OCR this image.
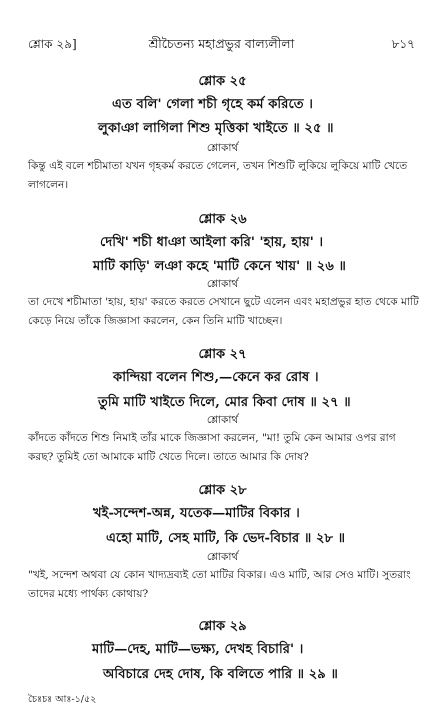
শ্লোক ২৯]	শ্রীচৈতন্য মহাপ্রভুর বাল্যলীলা	৮১৭
শ্লোক ২৫
এত বলি' গেলা শচী গৃহে কর্ম করিতে ।
লুকাঞা লাগিলা শিশু মৃত্তিকা খাইতে ॥ ২৫ ॥
শ্লোকার্থ
কিন্তু এই বলে শচীমাতা যখন গৃহকর্ম করতে গেলেন, তখন শিশুটি লুকিয়ে লুকিয়ে মাটি খেতে লাগলেন।
শ্লোক ২৬
দেখি' শচী ধাঞা আইলা করি' 'হায়, হায়' ।
মাটি কাড়ি' লঞা কহে 'মাটি কেনে খায়' ॥ ২৬ ॥
শ্লোকার্থ
তা দেখে শচীমাতা 'হায়, হায়' করতে করতে সেখানে ছুটে এলেন এবং মহাপ্রভুর হাত থেকে মাটি কেড়ে নিয়ে তাঁকে জিজ্ঞাসা করলেন, কেন তিনি মাটি খাচ্ছেন।
শ্লোক ২৭
কান্দিয়া বলেন শিশু,—কেনে কর রোষ ।
তুমি মাটি খাইতে দিলে, মোর কিবা দোষ ॥ ২৭ ॥
শ্লোকার্থ
কাঁদতে কাঁদতে শিশু নিমাই তাঁর মাকে জিজ্ঞাসা করলেন, "মা! তুমি কেন আমার ওপর রাগ করছ? তুমিই তো আমাকে মাটি খেতে দিলে। তাতে আমার কি দোষ?
শ্লোক ২৮
খই-সন্দেশ-অন্ন, যতেক—মাটির বিকার ।
এহো মাটি, সেহ মাটি, কি ভেদ-বিচার ॥ ২৮ ॥
শ্লোকার্থ
"খই, সন্দেশ অথবা যে কোন খাদ্যদ্রব্যই তো মাটির বিকার। এও মাটি, আর সেও মাটি। সুতরাং তাদের মধ্যে পার্থক্য কোথায়?
শ্লোক ২৯
মাটি—দেহ, মাটি—ভক্ষ্য, দেখহ বিচারি' ।
অবিচারে দেহ দোষ, কি বলিতে পারি ॥ ২৯ ॥
চৈঃচঃ আঃ-১/৫২
